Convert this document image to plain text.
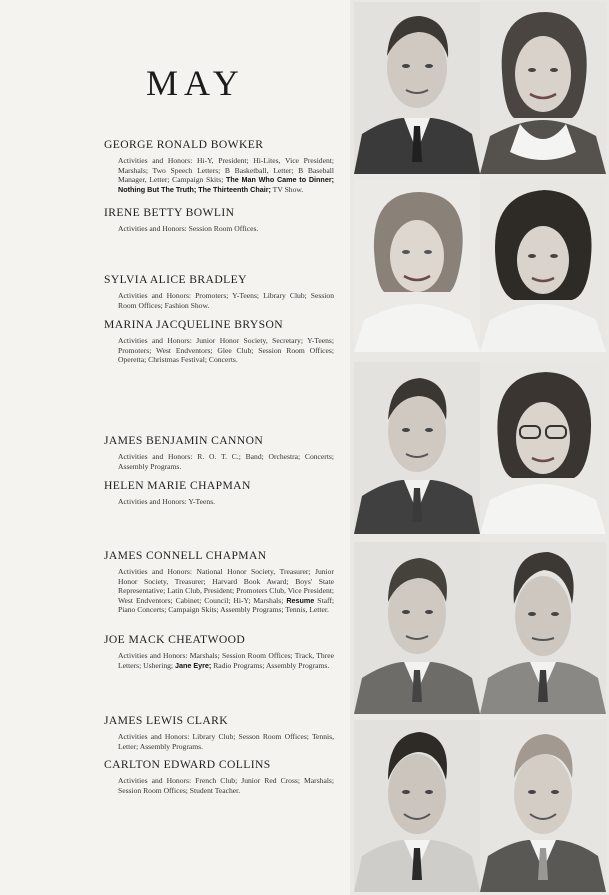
MAY

GEORGE RONALD BOWKER

Activities and Honors: Hi-Y, President; Hi-Lites, Vice President; Marshals; Two Speech Letters; B Basketball, Letter; B Baseball Manager, Letter; Campaign Skits; The Man Who Came to Dinner; Nothing But The Truth; The Thirteenth Chair; TV Show.

IRENE BETTY BOWLIN

Activities and Honors: Session Room Offices.

SYLVIA ALICE BRADLEY

Activities and Honors: Promoters; Y-Teens; Library Club; Session Room Offices; Fashion Show.

MARINA JACQUELINE BRYSON

Activities and Honors: Junior Honor Society, Secretary; Y-Teens; Promoters; West Endventors; Glee Club; Session Room Offices; Operetta; Christmas Festival; Concerts.

JAMES BENJAMIN CANNON

Activities and Honors: R. O. T. C.; Band; Orchestra; Concerts; Assembly Programs.

HELEN MARIE CHAPMAN

Activities and Honors: Y-Teens.

JAMES CONNELL CHAPMAN

Activities and Honors: National Honor Society, Treasurer; Junior Honor Society, Treasurer; Harvard Book Award; Boys' State Representative; Latin Club, President; Promoters Club, Vice President; West Endventors; Cabinet; Council; Hi-Y; Marshals; Resume Staff; Piano Concerts; Campaign Skits; Assembly Programs; Tennis, Letter.

JOE MACK CHEATWOOD

Activities and Honors: Marshals; Session Room Offices; Track, Three Letters; Ushering; Jane Eyre; Radio Programs; Assembly Programs.

JAMES LEWIS CLARK

Activities and Honors: Library Club; Sesson Room Offices; Tennis, Letter; Assembly Programs.

CARLTON EDWARD COLLINS

Activities and Honors: French Club; Junior Red Cross; Marshals; Session Room Offices; Student Teacher.
